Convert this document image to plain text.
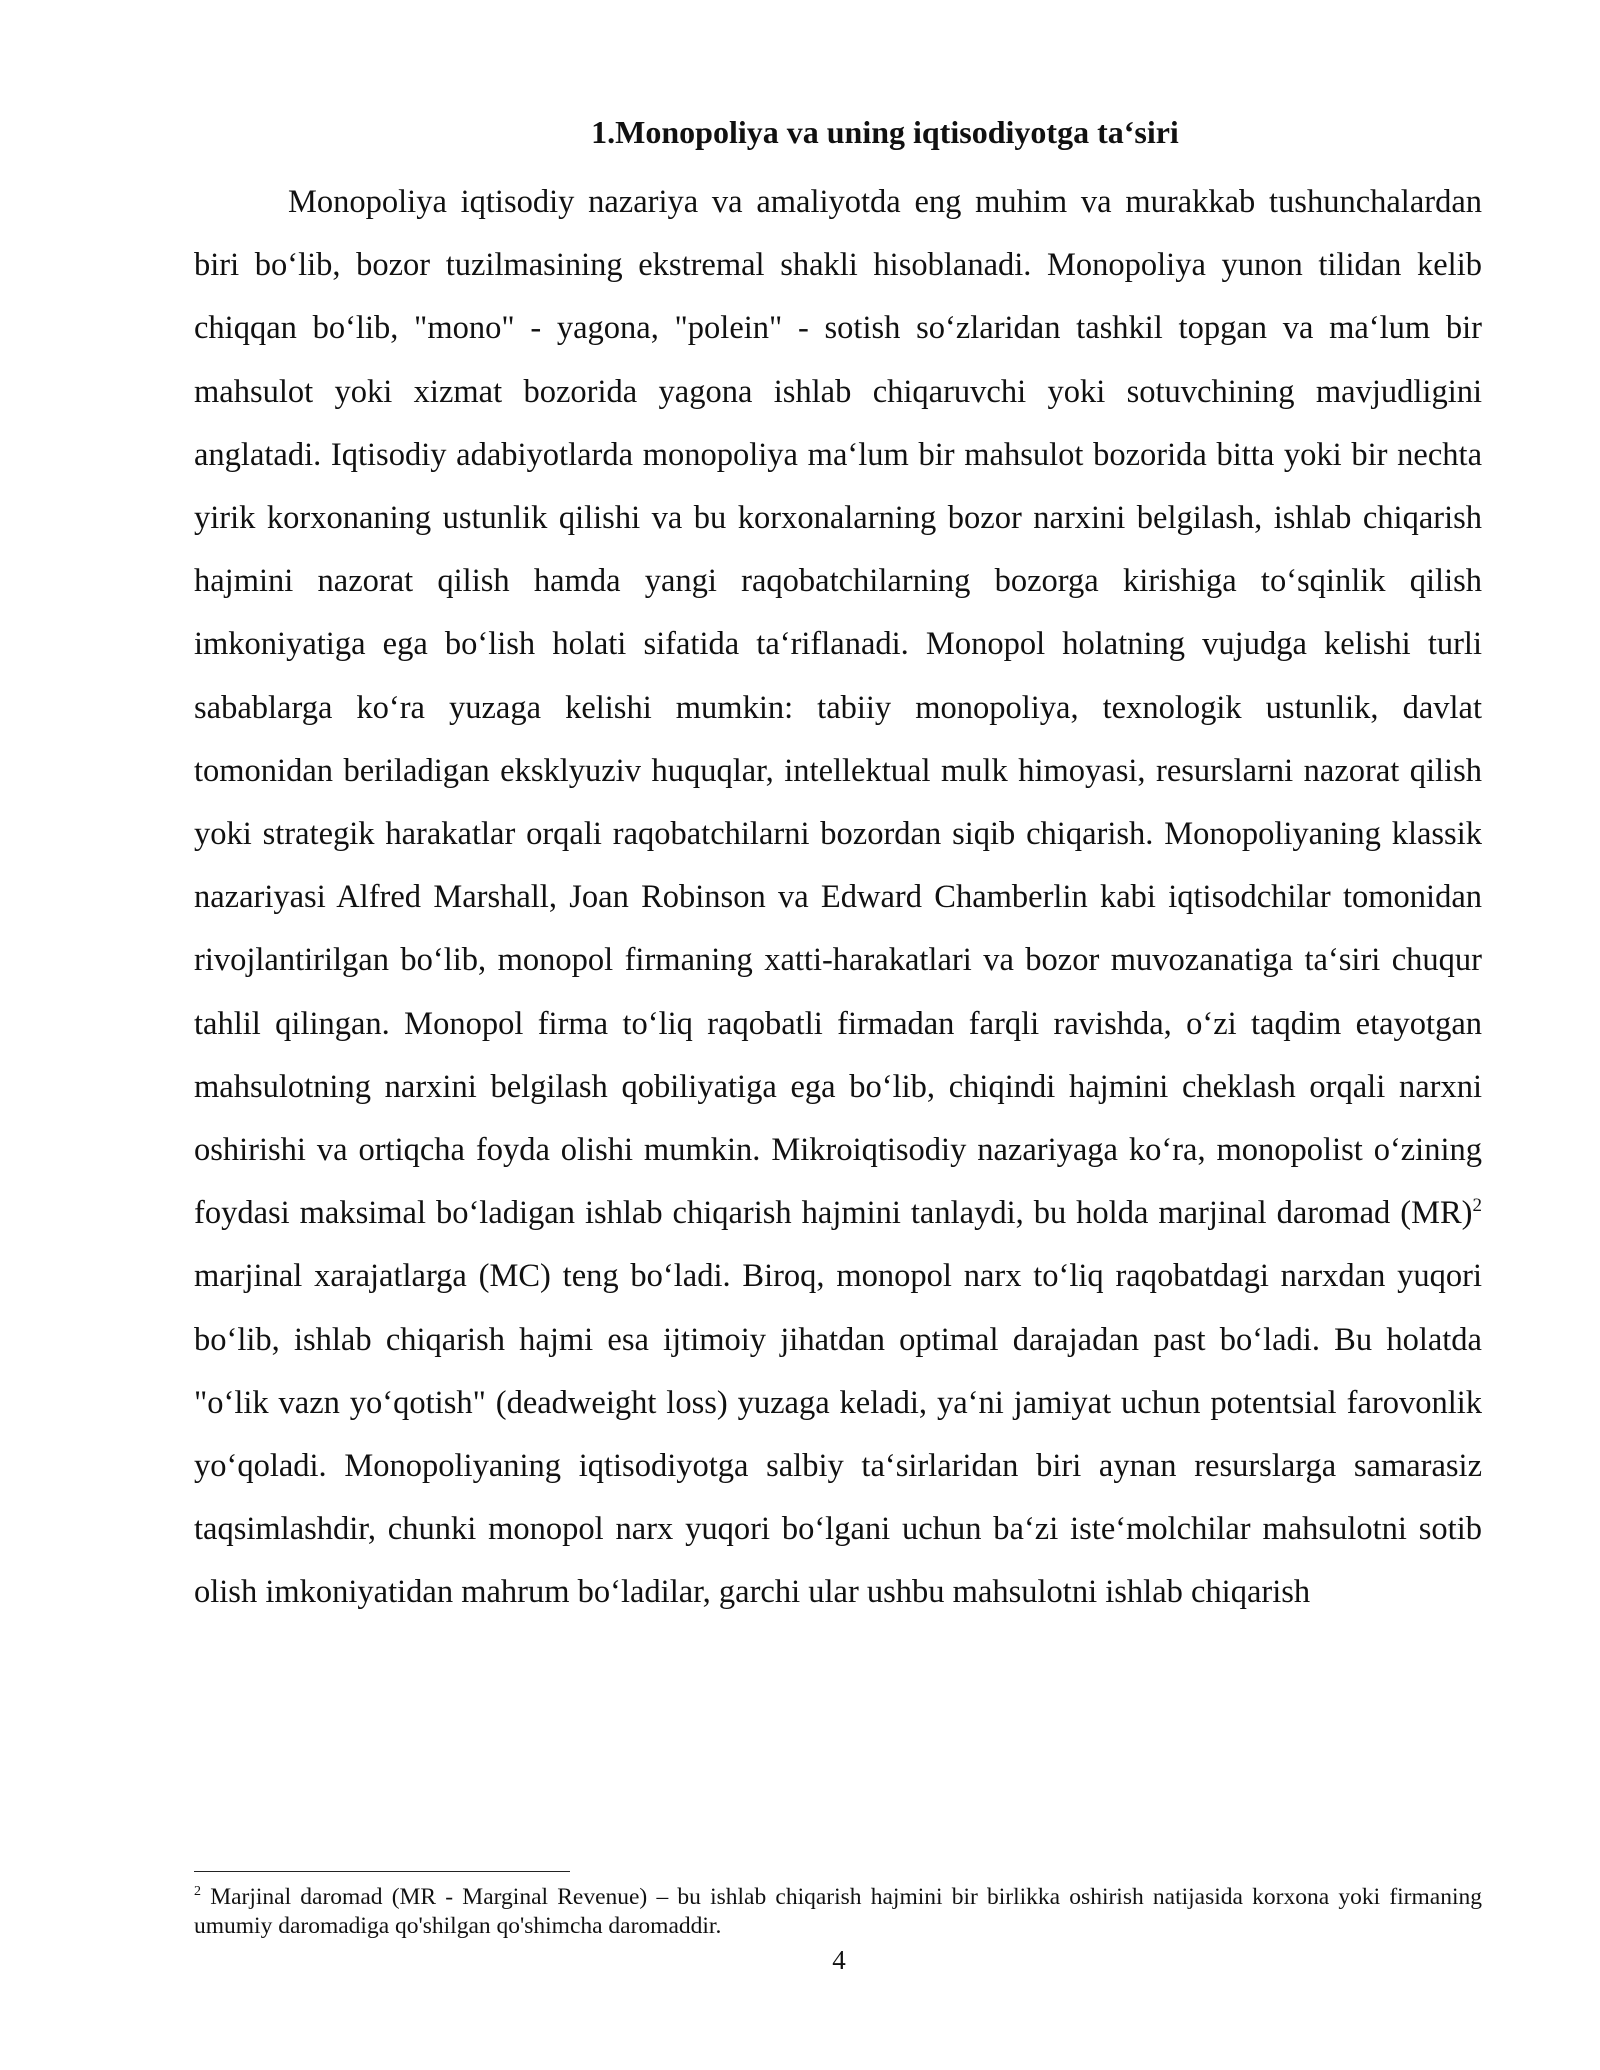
1.Monopoliya va uning iqtisodiyotga ta‘siri

Monopoliya iqtisodiy nazariya va amaliyotda eng muhim va murakkab tushunchalardan biri bo‘lib, bozor tuzilmasining ekstremal shakli hisoblanadi. Monopoliya yunon tilidan kelib chiqqan bo‘lib, "mono" - yagona, "polein" - sotish so‘zlaridan tashkil topgan va ma‘lum bir mahsulot yoki xizmat bozorida yagona ishlab chiqaruvchi yoki sotuvchining mavjudligini anglatadi. Iqtisodiy adabiyotlarda monopoliya ma‘lum bir mahsulot bozorida bitta yoki bir nechta yirik korxonaning ustunlik qilishi va bu korxonalarning bozor narxini belgilash, ishlab chiqarish hajmini nazorat qilish hamda yangi raqobatchilarning bozorga kirishiga to‘sqinlik qilish imkoniyatiga ega bo‘lish holati sifatida ta‘riflanadi. Monopol holatning vujudga kelishi turli sabablarga ko‘ra yuzaga kelishi mumkin: tabiiy monopoliya, texnologik ustunlik, davlat tomonidan beriladigan eksklyuziv huquqlar, intellektual mulk himoyasi, resurslarni nazorat qilish yoki strategik harakatlar orqali raqobatchilarni bozordan siqib chiqarish. Monopoliyaning klassik nazariyasi Alfred Marshall, Joan Robinson va Edward Chamberlin kabi iqtisodchilar tomonidan rivojlantirilgan bo‘lib, monopol firmaning xatti-harakatlari va bozor muvozanatiga ta‘siri chuqur tahlil qilingan. Monopol firma to‘liq raqobatli firmadan farqli ravishda, o‘zi taqdim etayotgan mahsulotning narxini belgilash qobiliyatiga ega bo‘lib, chiqindi hajmini cheklash orqali narxni oshirishi va ortiqcha foyda olishi mumkin. Mikroiqtisodiy nazariyaga ko‘ra, monopolist o‘zining foydasi maksimal bo‘ladigan ishlab chiqarish hajmini tanlaydi, bu holda marjinal daromad (MR)$^2$ marjinal xarajatlarga (MC) teng bo‘ladi. Biroq, monopol narx to‘liq raqobatdagi narxdan yuqori bo‘lib, ishlab chiqarish hajmi esa ijtimoiy jihatdan optimal darajadan past bo‘ladi. Bu holatda "o‘lik vazn yo‘qotish" (deadweight loss) yuzaga keladi, ya‘ni jamiyat uchun potentsial farovonlik yo‘qoladi. Monopoliyaning iqtisodiyotga salbiy ta‘sirlaridan biri aynan resurslarga samarasiz taqsimlashdir, chunki monopol narx yuqori bo‘lgani uchun ba‘zi iste‘molchilar mahsulotni sotib olish imkoniyatidan mahrum bo‘ladilar, garchi ular ushbu mahsulotni ishlab chiqarish

$^2$ Marjinal daromad (MR - Marginal Revenue) – bu ishlab chiqarish hajmini bir birlikka oshirish natijasida korxona yoki firmaning umumiy daromadiga qo'shilgan qo'shimcha daromaddir.

4
